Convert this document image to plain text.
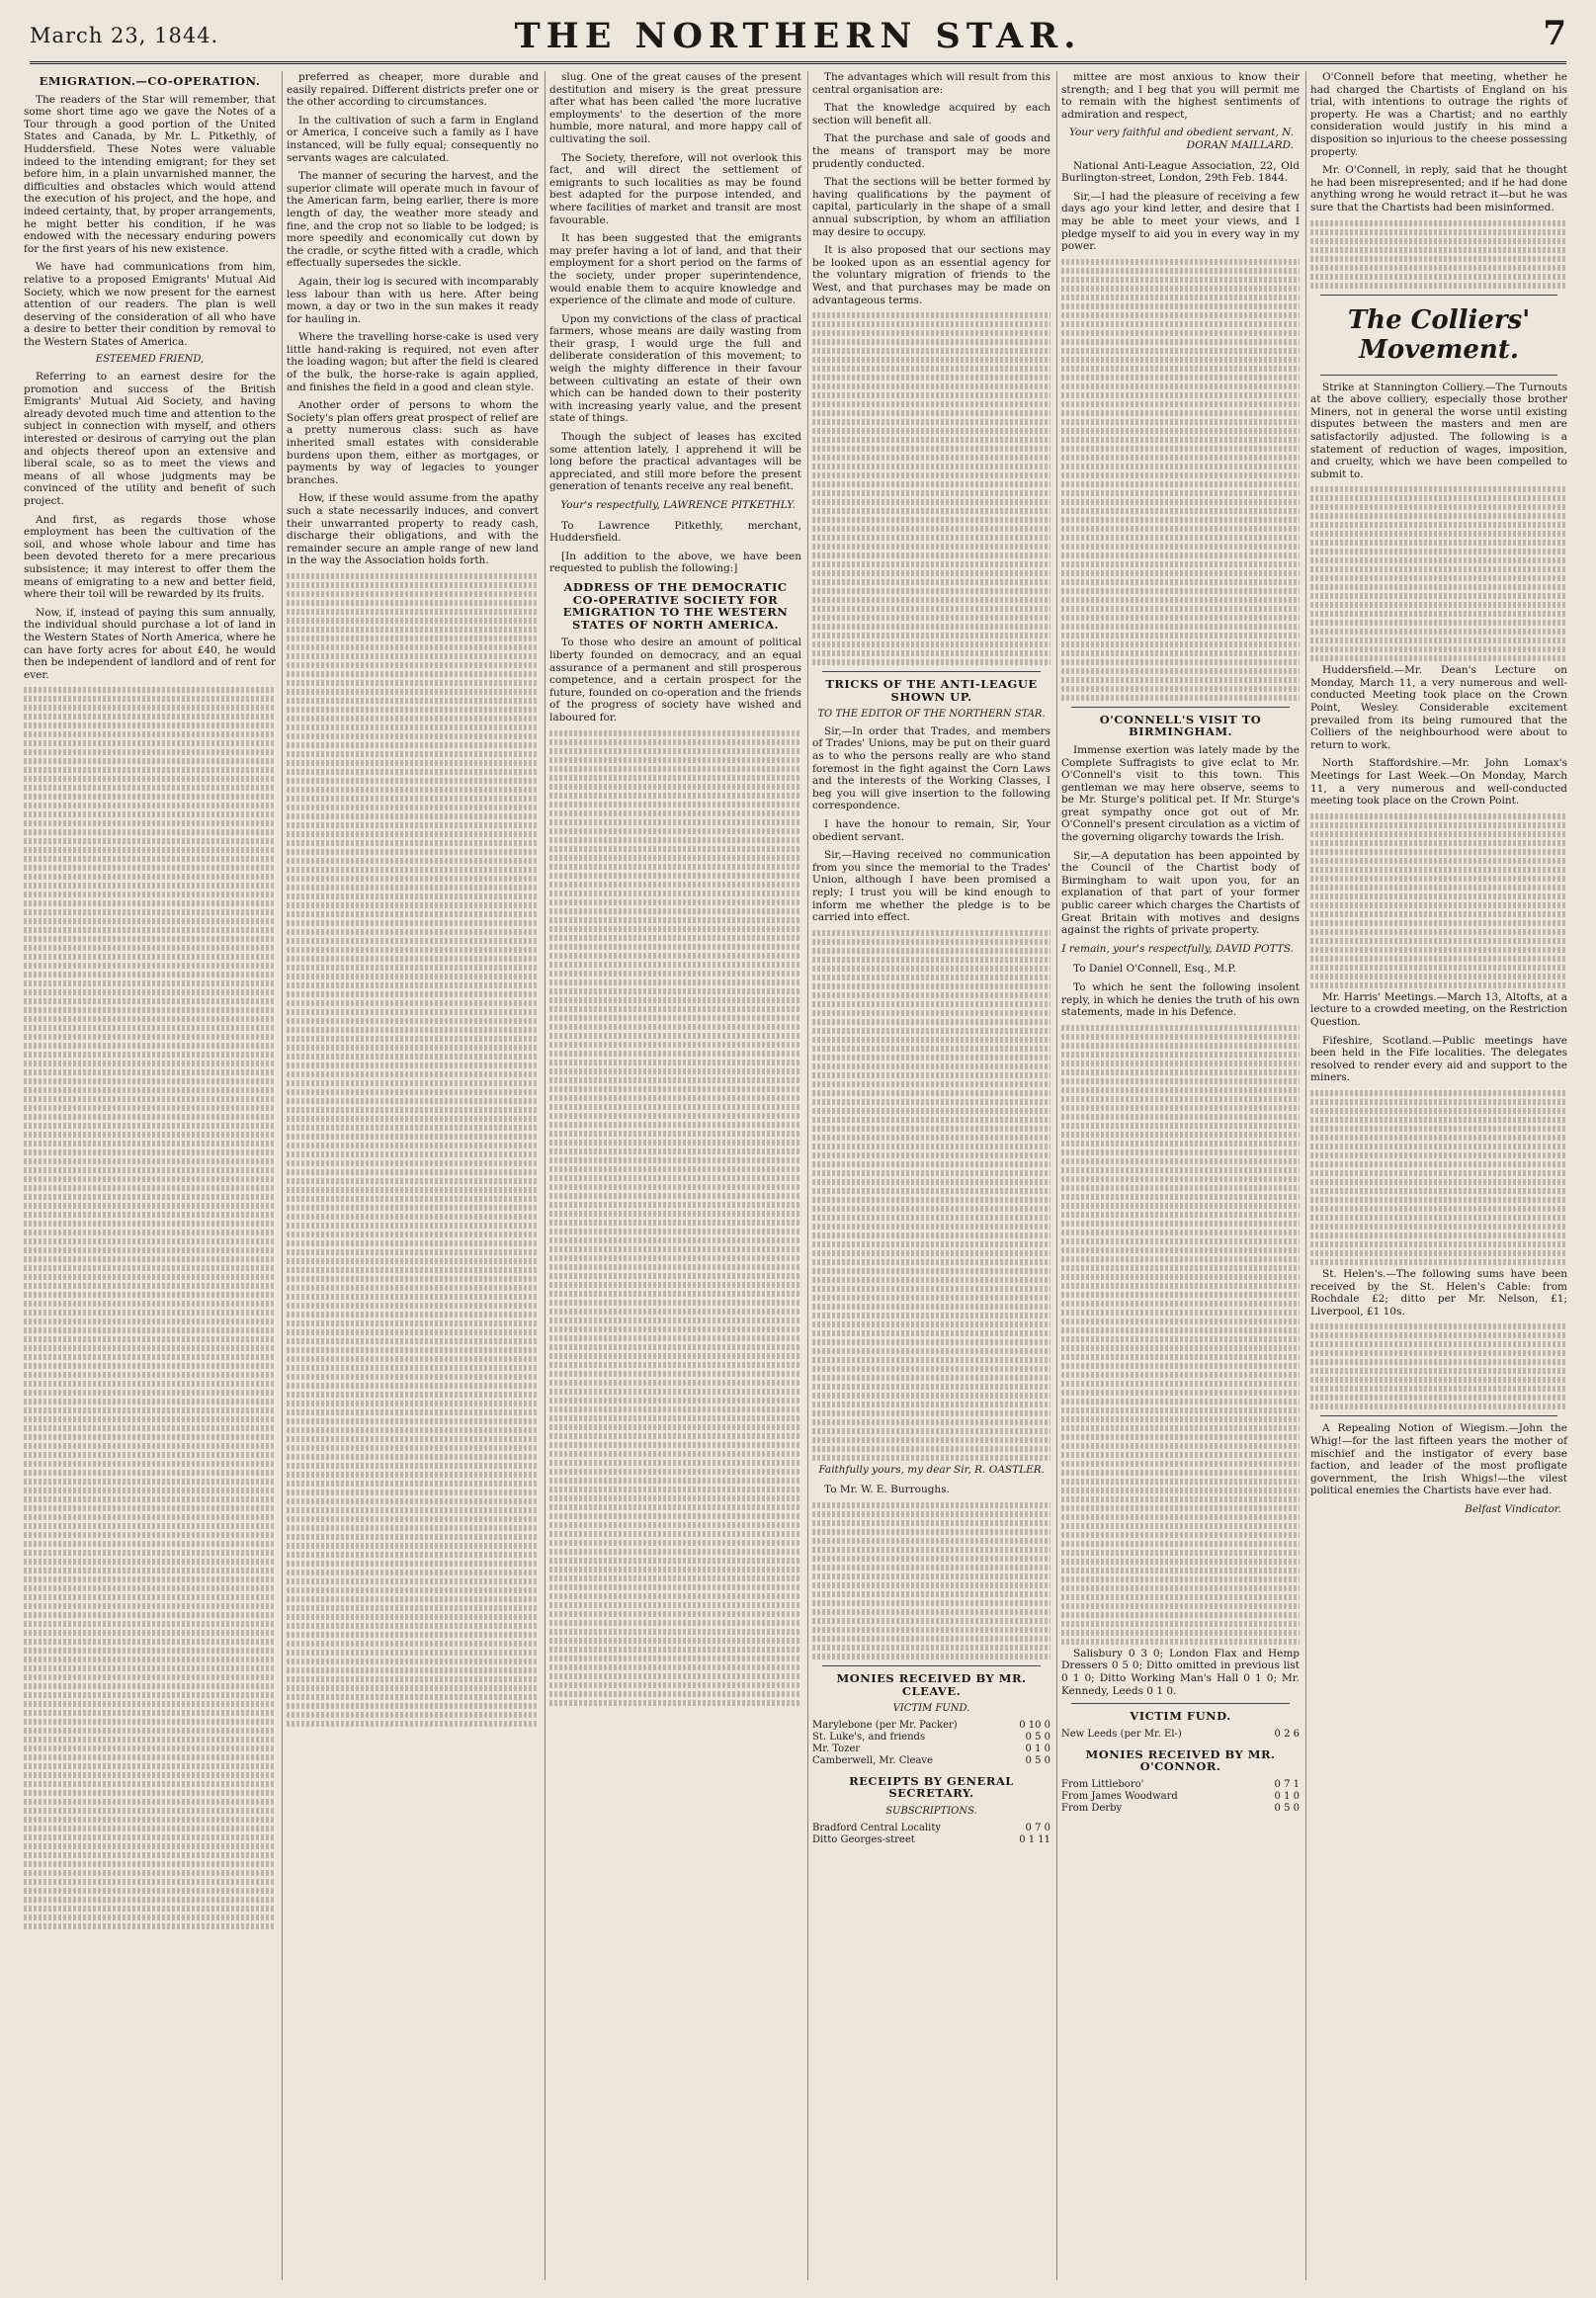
March 23, 1844.	THE NORTHERN STAR.	7
EMIGRATION.—CO-OPERATION.

The readers of the Star will remember, that some short time ago we gave the Notes of a Tour through a good portion of the United States and Canada, by Mr. L. Pitkethly, of Huddersfield. These Notes were valuable indeed to the intending emigrant; for they set before him, in a plain unvarnished manner, the difficulties and obstacles which would attend the execution of his project, and the hope, and indeed certainty, that, by proper arrangements, he might better his condition, if he was endowed with the necessary enduring powers for the first years of his new existence.

We have had communications from him, relative to a proposed Emigrants' Mutual Aid Society, which we now present for the earnest attention of our readers. The plan is well deserving of the consideration of all who have a desire to better their condition by removal to the Western States of America.

ESTEEMED FRIEND,

Referring to an earnest desire for the promotion and success of the British Emigrants' Mutual Aid Society, and having already devoted much time and attention to the subject in connection with myself, and others interested or desirous of carrying out the plan and objects thereof upon an extensive and liberal scale, so as to meet the views and means of all whose judgments may be convinced of the utility and benefit of such project.

And first, as regards those whose employment has been the cultivation of the soil, and whose whole labour and time has been devoted thereto for a mere precarious subsistence; it may interest to offer them the means of emigrating to a new and better field, where their toil will be rewarded by its fruits.

Now, if, instead of paying this sum annually, the individual should purchase a lot of land in the Western States of North America, where he can have forty acres for about £40, he would then be independent of landlord and of rent for ever.

preferred as cheaper, more durable and easily repaired. Different districts prefer one or the other according to circumstances.

In the cultivation of such a farm in England or America, I conceive such a family as I have instanced, will be fully equal; consequently no servants wages are calculated.

The manner of securing the harvest, and the superior climate will operate much in favour of the American farm, being earlier, there is more length of day, the weather more steady and fine, and the crop not so liable to be lodged; is more speedily and economically cut down by the cradle, or scythe fitted with a cradle, which effectually supersedes the sickle.

Again, their log is secured with incomparably less labour than with us here. After being mown, a day or two in the sun makes it ready for hauling in.

Where the travelling horse-cake is used very little hand-raking is required, not even after the loading wagon; but after the field is cleared of the bulk, the horse-rake is again applied, and finishes the field in a good and clean style.

Another order of persons to whom the Society's plan offers great prospect of relief are a pretty numerous class: such as have inherited small estates with considerable burdens upon them, either as mortgages, or payments by way of legacies to younger branches.

How, if these would assume from the apathy such a state necessarily induces, and convert their unwarranted property to ready cash, discharge their obligations, and with the remainder secure an ample range of new land in the way the Association holds forth.

slug. One of the great causes of the present destitution and misery is the great pressure after what has been called 'the more lucrative employments' to the desertion of the more humble, more natural, and more happy call of cultivating the soil.

The Society, therefore, will not overlook this fact, and will direct the settlement of emigrants to such localities as may be found best adapted for the purpose intended, and where facilities of market and transit are most favourable.

It has been suggested that the emigrants may prefer having a lot of land, and that their employment for a short period on the farms of the society, under proper superintendence, would enable them to acquire knowledge and experience of the climate and mode of culture.

Upon my convictions of the class of practical farmers, whose means are daily wasting from their grasp, I would urge the full and deliberate consideration of this movement; to weigh the mighty difference in their favour between cultivating an estate of their own which can be handed down to their posterity with increasing yearly value, and the present state of things.

Though the subject of leases has excited some attention lately, I apprehend it will be long before the practical advantages will be appreciated, and still more before the present generation of tenants receive any real benefit.

Your's respectfully, LAWRENCE PITKETHLY.

To Lawrence Pitkethly, merchant, Huddersfield.

[In addition to the above, we have been requested to publish the following:]

ADDRESS OF THE DEMOCRATIC CO-OPERATIVE SOCIETY FOR EMIGRATION TO THE WESTERN STATES OF NORTH AMERICA.

To those who desire an amount of political liberty founded on democracy, and an equal assurance of a permanent and still prosperous competence, and a certain prospect for the future, founded on co-operation and the friends of the progress of society have wished and laboured for.

The advantages which will result from this central organisation are:

That the knowledge acquired by each section will benefit all.

That the purchase and sale of goods and the means of transport may be more prudently conducted.

That the sections will be better formed by having qualifications by the payment of capital, particularly in the shape of a small annual subscription, by whom an affiliation may desire to occupy.

It is also proposed that our sections may be looked upon as an essential agency for the voluntary migration of friends to the West, and that purchases may be made on advantageous terms.

TRICKS OF THE ANTI-LEAGUE SHOWN UP.
TO THE EDITOR OF THE NORTHERN STAR.

Sir,—In order that Trades, and members of Trades' Unions, may be put on their guard as to who the persons really are who stand foremost in the fight against the Corn Laws and the interests of the Working Classes, I beg you will give insertion to the following correspondence.

I have the honour to remain, Sir, Your obedient servant.

Sir,—Having received no communication from you since the memorial to the Trades' Union, although I have been promised a reply; I trust you will be kind enough to inform me whether the pledge is to be carried into effect.

Faithfully yours, my dear Sir, R. OASTLER.

To Mr. W. E. Burroughs.

MONIES RECEIVED BY MR. CLEAVE.
VICTIM FUND.
Marylebone (per Mr. Packer)	0 10 0
St. Luke's, and friends	0 5 0
Mr. Tozer	0 1 0
Camberwell, Mr. Cleave	0 5 0
RECEIPTS BY GENERAL SECRETARY.
SUBSCRIPTIONS.
Bradford Central Locality	0 7 0
Ditto Georges-street	0 1 11

mittee are most anxious to know their strength; and I beg that you will permit me to remain with the highest sentiments of admiration and respect,

Your very faithful and obedient servant, N. DORAN MAILLARD.

National Anti-League Association, 22, Old Burlington-street, London, 29th Feb. 1844.

Sir,—I had the pleasure of receiving a few days ago your kind letter, and desire that I may be able to meet your views, and I pledge myself to aid you in every way in my power.

O'CONNELL'S VISIT TO BIRMINGHAM.

Immense exertion was lately made by the Complete Suffragists to give eclat to Mr. O'Connell's visit to this town. This gentleman we may here observe, seems to be Mr. Sturge's political pet. If Mr. Sturge's great sympathy once got out of Mr. O'Connell's present circulation as a victim of the governing oligarchy towards the Irish.

Sir,—A deputation has been appointed by the Council of the Chartist body of Birmingham to wait upon you, for an explanation of that part of your former public career which charges the Chartists of Great Britain with motives and designs against the rights of private property.

I remain, your's respectfully, DAVID POTTS.

To Daniel O'Connell, Esq., M.P.

To which he sent the following insolent reply, in which he denies the truth of his own statements, made in his Defence.

Salisbury 0 3 0; London Flax and Hemp Dressers 0 5 0; Ditto omitted in previous list 0 1 0; Ditto Working Man's Hall 0 1 0; Mr. Kennedy, Leeds 0 1 0.

VICTIM FUND.
New Leeds (per Mr. El-)	0 2 6
MONIES RECEIVED BY MR. O'CONNOR.
From Littleboro'	0 7 1
From James Woodward	0 1 0
From Derby	0 5 0

O'Connell before that meeting, whether he had charged the Chartists of England on his trial, with intentions to outrage the rights of property. He was a Chartist; and no earthly consideration would justify in his mind a disposition so injurious to the cheese possessing property.

Mr. O'Connell, in reply, said that he thought he had been misrepresented; and if he had done anything wrong he would retract it—but he was sure that the Chartists had been misinformed.

The Colliers' Movement.

Strike at Stannington Colliery.—The Turnouts at the above colliery, especially those brother Miners, not in general the worse until existing disputes between the masters and men are satisfactorily adjusted. The following is a statement of reduction of wages, imposition, and cruelty, which we have been compelled to submit to.

Huddersfield.—Mr. Dean's Lecture on Monday, March 11, a very numerous and well-conducted Meeting took place on the Crown Point, Wesley. Considerable excitement prevailed from its being rumoured that the Colliers of the neighbourhood were about to return to work.

North Staffordshire.—Mr. John Lomax's Meetings for Last Week.—On Monday, March 11, a very numerous and well-conducted meeting took place on the Crown Point.

Mr. Harris' Meetings.—March 13, Altofts, at a lecture to a crowded meeting, on the Restriction Question.

Fifeshire, Scotland.—Public meetings have been held in the Fife localities. The delegates resolved to render every aid and support to the miners.

St. Helen's.—The following sums have been received by the St. Helen's Cable: from Rochdale £2; ditto per Mr. Nelson, £1; Liverpool, £1 10s.

A Repealing Notion of Wiegism.—John the Whig!—for the last fifteen years the mother of mischief and the instigator of every base faction, and leader of the most profligate government, the Irish Whigs!—the vilest political enemies the Chartists have ever had.

Belfast Vindicator.
